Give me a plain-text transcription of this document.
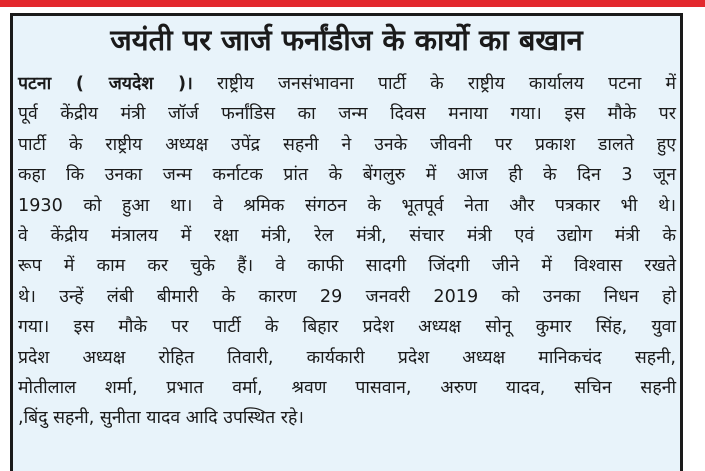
जयंती पर जार्ज फर्नांडीज के कार्यो का बखान
पटना ( जयदेश )। राष्ट्रीय जनसंभावना पार्टी के राष्ट्रीय कार्यालय पटना में
पूर्व केंद्रीय मंत्री जॉर्ज फर्नांडिस का जन्म दिवस मनाया गया। इस मौके पर
पार्टी के राष्ट्रीय अध्यक्ष उपेंद्र सहनी ने उनके जीवनी पर प्रकाश डालते हुए
कहा कि उनका जन्म कर्नाटक प्रांत के बेंगलुरु में आज ही के दिन 3 जून
1930 को हुआ था। वे श्रमिक संगठन के भूतपूर्व नेता और पत्रकार भी थे।
वे केंद्रीय मंत्रालय में रक्षा मंत्री, रेल मंत्री, संचार मंत्री एवं उद्योग मंत्री के
रूप में काम कर चुके हैं। वे काफी सादगी जिंदगी जीने में विश्वास रखते
थे। उन्हें लंबी बीमारी के कारण 29 जनवरी 2019 को उनका निधन हो
गया। इस मौके पर पार्टी के बिहार प्रदेश अध्यक्ष सोनू कुमार सिंह, युवा
प्रदेश अध्यक्ष रोहित तिवारी, कार्यकारी प्रदेश अध्यक्ष मानिकचंद सहनी,
मोतीलाल शर्मा, प्रभात वर्मा, श्रवण पासवान, अरुण यादव, सचिन सहनी
,बिंदु सहनी, सुनीता यादव आदि उपस्थित रहे।
